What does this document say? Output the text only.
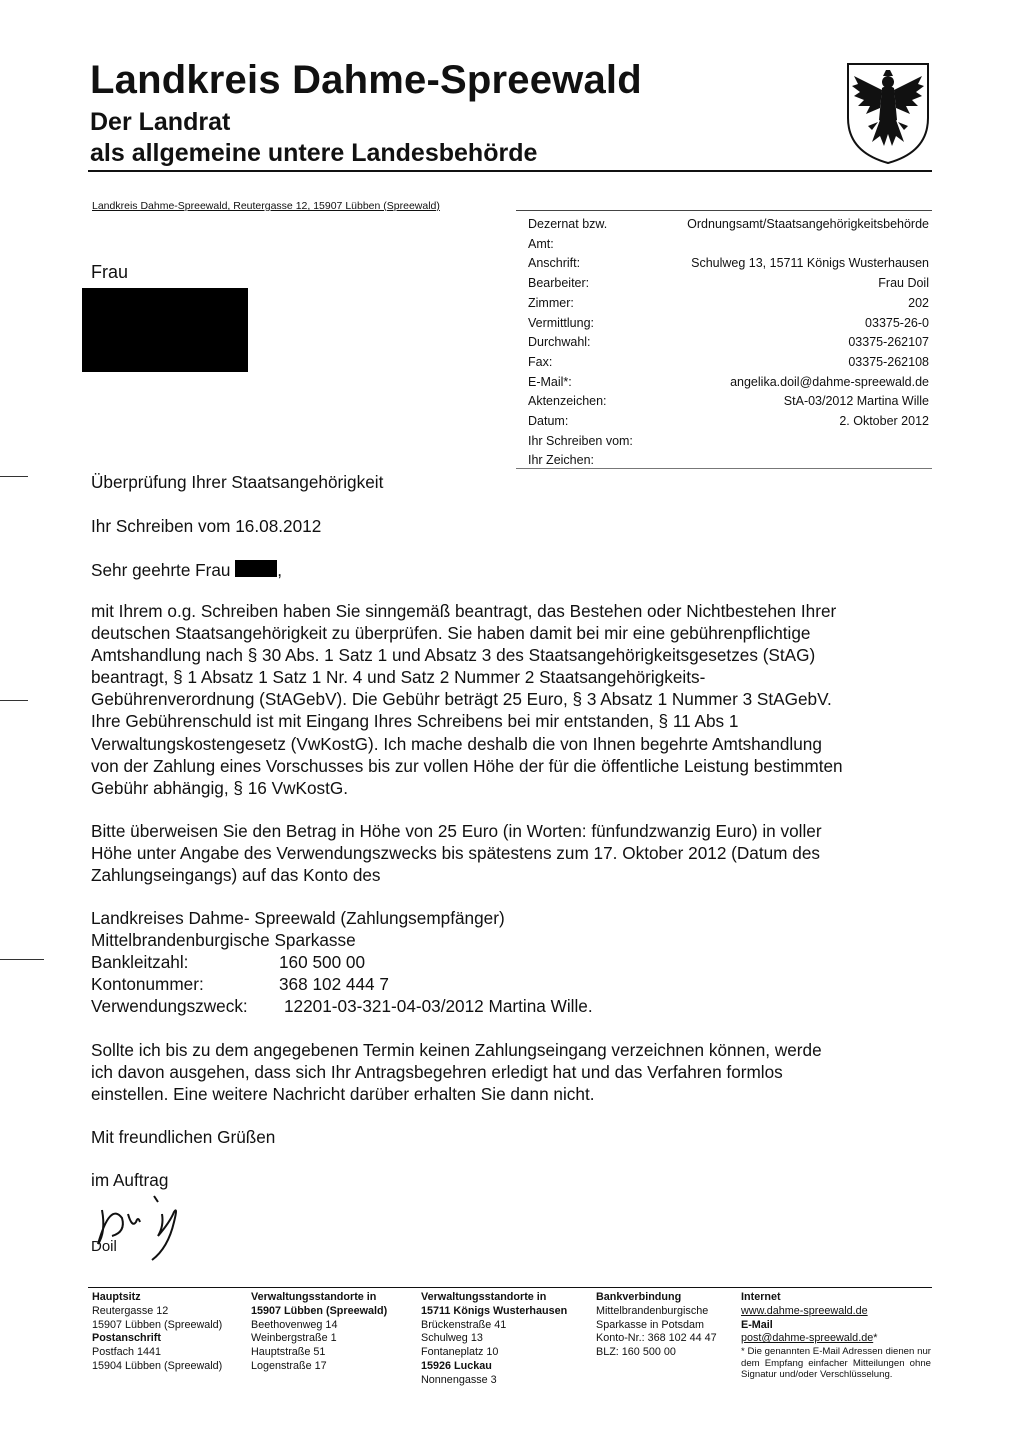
Landkreis Dahme-Spreewald
Der Landrat
als allgemeine untere Landesbehörde
Landkreis Dahme-Spreewald, Reutergasse 12, 15907 Lübben (Spreewald)
Frau
Dezernat bzw.	Ordnungsamt/Staatsangehörigkeitsbehörde
Amt:
Anschrift:	Schulweg 13, 15711 Königs Wusterhausen
Bearbeiter:	Frau Doil
Zimmer:	202
Vermittlung:	03375-26-0
Durchwahl:	03375-262107
Fax:	03375-262108
E-Mail*:	angelika.doil@dahme-spreewald.de
Aktenzeichen:	StA-03/2012 Martina Wille
Datum:	2. Oktober 2012
Ihr Schreiben vom:
Ihr Zeichen:
Überprüfung Ihrer Staatsangehörigkeit
Ihr Schreiben vom 16.08.2012
Sehr geehrte Frau	,
mit Ihrem o.g. Schreiben haben Sie sinngemäß beantragt, das Bestehen oder Nichtbestehen Ihrer
deutschen Staatsangehörigkeit zu überprüfen. Sie haben damit bei mir eine gebührenpflichtige
Amtshandlung nach § 30 Abs. 1 Satz 1 und Absatz 3 des Staatsangehörigkeitsgesetzes (StAG)
beantragt, § 1 Absatz 1 Satz 1 Nr. 4 und Satz 2 Nummer 2 Staatsangehörigkeits-
Gebührenverordnung (StAGebV). Die Gebühr beträgt 25 Euro, § 3 Absatz 1 Nummer 3 StAGebV.
Ihre Gebührenschuld ist mit Eingang Ihres Schreibens bei mir entstanden, § 11 Abs 1
Verwaltungskostengesetz (VwKostG). Ich mache deshalb die von Ihnen begehrte Amtshandlung
von der Zahlung eines Vorschusses bis zur vollen Höhe der für die öffentliche Leistung bestimmten
Gebühr abhängig, § 16 VwKostG.
Bitte überweisen Sie den Betrag in Höhe von 25 Euro (in Worten: fünfundzwanzig Euro) in voller
Höhe unter Angabe des Verwendungszwecks bis spätestens zum 17. Oktober 2012 (Datum des
Zahlungseingangs) auf das Konto des
Landkreises Dahme- Spreewald (Zahlungsempfänger)
Mittelbrandenburgische Sparkasse
Bankleitzahl:	160 500 00
Kontonummer:	368 102 444 7
Verwendungszweck: 12201-03-321-04-03/2012 Martina Wille.
Sollte ich bis zu dem angegebenen Termin keinen Zahlungseingang verzeichnen können, werde
ich davon ausgehen, dass sich Ihr Antragsbegehren erledigt hat und das Verfahren formlos
einstellen. Eine weitere Nachricht darüber erhalten Sie dann nicht.
Mit freundlichen Grüßen
im Auftrag
Doil
Hauptsitz
Reutergasse 12
15907 Lübben (Spreewald)
Postanschrift
Postfach 1441
15904 Lübben (Spreewald)
Verwaltungsstandorte in
15907 Lübben (Spreewald)
Beethovenweg 14
Weinbergstraße 1
Hauptstraße 51
Logenstraße 17
Verwaltungsstandorte in
15711 Königs Wusterhausen
Brückenstraße 41
Schulweg 13
Fontaneplatz 10
15926 Luckau
Nonnengasse 3
Bankverbindung
Mittelbrandenburgische
Sparkasse in Potsdam
Konto-Nr.: 368 102 44 47
BLZ: 160 500 00
Internet
www.dahme-spreewald.de
E-Mail
post@dahme-spreewald.de*
* Die genannten E-Mail Adressen dienen nur dem Empfang einfacher Mitteilungen ohne Signatur und/oder Verschlüsselung.
